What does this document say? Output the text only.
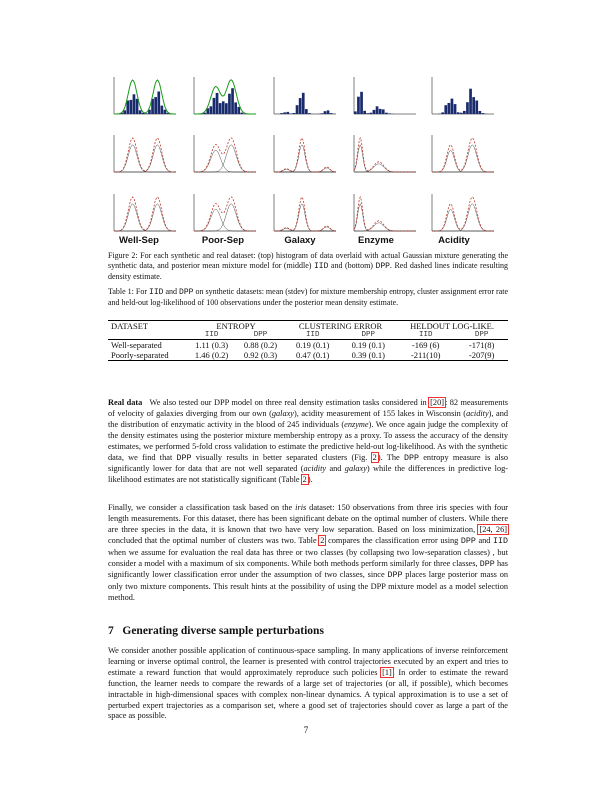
Well-Sep	Poor-Sep	Galaxy	Enzyme	Acidity
Figure 2: For each synthetic and real dataset: (top) histogram of data overlaid with actual Gaussian mixture generating the synthetic data, and posterior mean mixture model for (middle) IID and (bottom) DPP. Red dashed lines indicate resulting density estimate.
Table 1: For IID and DPP on synthetic datasets: mean (stdev) for mixture membership entropy, cluster assignment error rate and held-out log-likelihood of 100 observations under the posterior mean density estimate.
DATASET	ENTROPY		CLUSTERING ERROR		HELDOUT LOG-LIKE.	
	IID	DPP	IID	DPP	IID	DPP
Well-separated	1.11 (0.3)	0.88 (0.2)	0.19 (0.1)	0.19 (0.1)	-169 (6)	-171(8)
Poorly-separated	1.46 (0.2)	0.92 (0.3)	0.47 (0.1)	0.39 (0.1)	-211(10)	-207(9)
Real data We also tested our DPP model on three real density estimation tasks considered in [20]: 82 measurements of velocity of galaxies diverging from our own (galaxy), acidity measurement of 155 lakes in Wisconsin (acidity), and the distribution of enzymatic activity in the blood of 245 individuals (enzyme). We once again judge the complexity of the density estimates using the posterior mixture membership entropy as a proxy. To assess the accuracy of the density estimates, we performed 5-fold cross validation to estimate the predictive held-out log-likelihood. As with the synthetic data, we find that DPP visually results in better separated clusters (Fig. 2). The DPP entropy measure is also significantly lower for data that are not well separated (acidity and galaxy) while the differences in predictive log-likelihood estimates are not statistically significant (Table 2).
Finally, we consider a classification task based on the iris dataset: 150 observations from three iris species with four length measurements. For this dataset, there has been significant debate on the optimal number of clusters. While there are three species in the data, it is known that two have very low separation. Based on loss minimization, [24, 26] concluded that the optimal number of clusters was two. Table 2 compares the classification error using DPP and IID when we assume for evaluation the real data has three or two classes (by collapsing two low-separation classes) , but consider a model with a maximum of six components. While both methods perform similarly for three classes, DPP has significantly lower classification error under the assumption of two classes, since DPP places large posterior mass on only two mixture components. This result hints at the possibility of using the DPP mixture model as a model selection method.
7 Generating diverse sample perturbations
We consider another possible application of continuous-space sampling. In many applications of inverse reinforcement learning or inverse optimal control, the learner is presented with control trajectories executed by an expert and tries to estimate a reward function that would approximately reproduce such policies [1]. In order to estimate the reward function, the learner needs to compare the rewards of a large set of trajectories (or all, if possible), which becomes intractable in high-dimensional spaces with complex non-linear dynamics. A typical approximation is to use a set of perturbed expert trajectories as a comparison set, where a good set of trajectories should cover as large a part of the space as possible.
7
